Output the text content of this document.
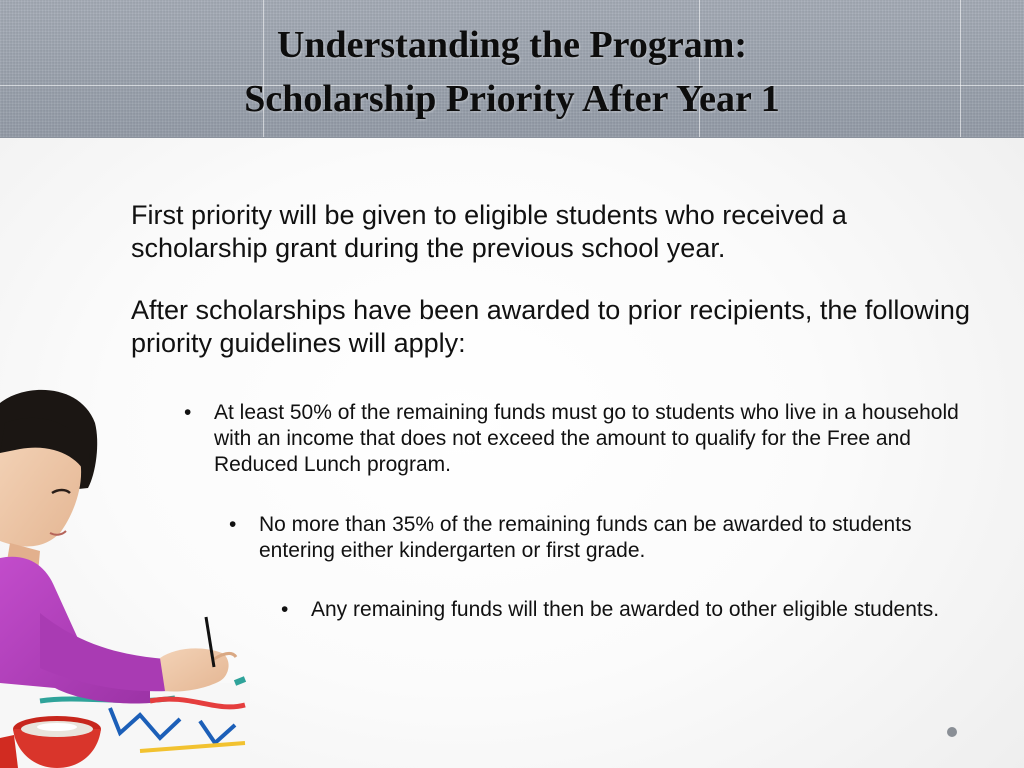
Understanding the Program:
Scholarship Priority After Year 1

First priority will be given to eligible students who received a scholarship grant during the previous school year.

After scholarships have been awarded to prior recipients, the following priority guidelines will apply:

• At least 50% of the remaining funds must go to students who live in a household with an income that does not exceed the amount to qualify for the Free and Reduced Lunch program.
• No more than 35% of the remaining funds can be awarded to students entering either kindergarten or first grade.
• Any remaining funds will then be awarded to other eligible students.
